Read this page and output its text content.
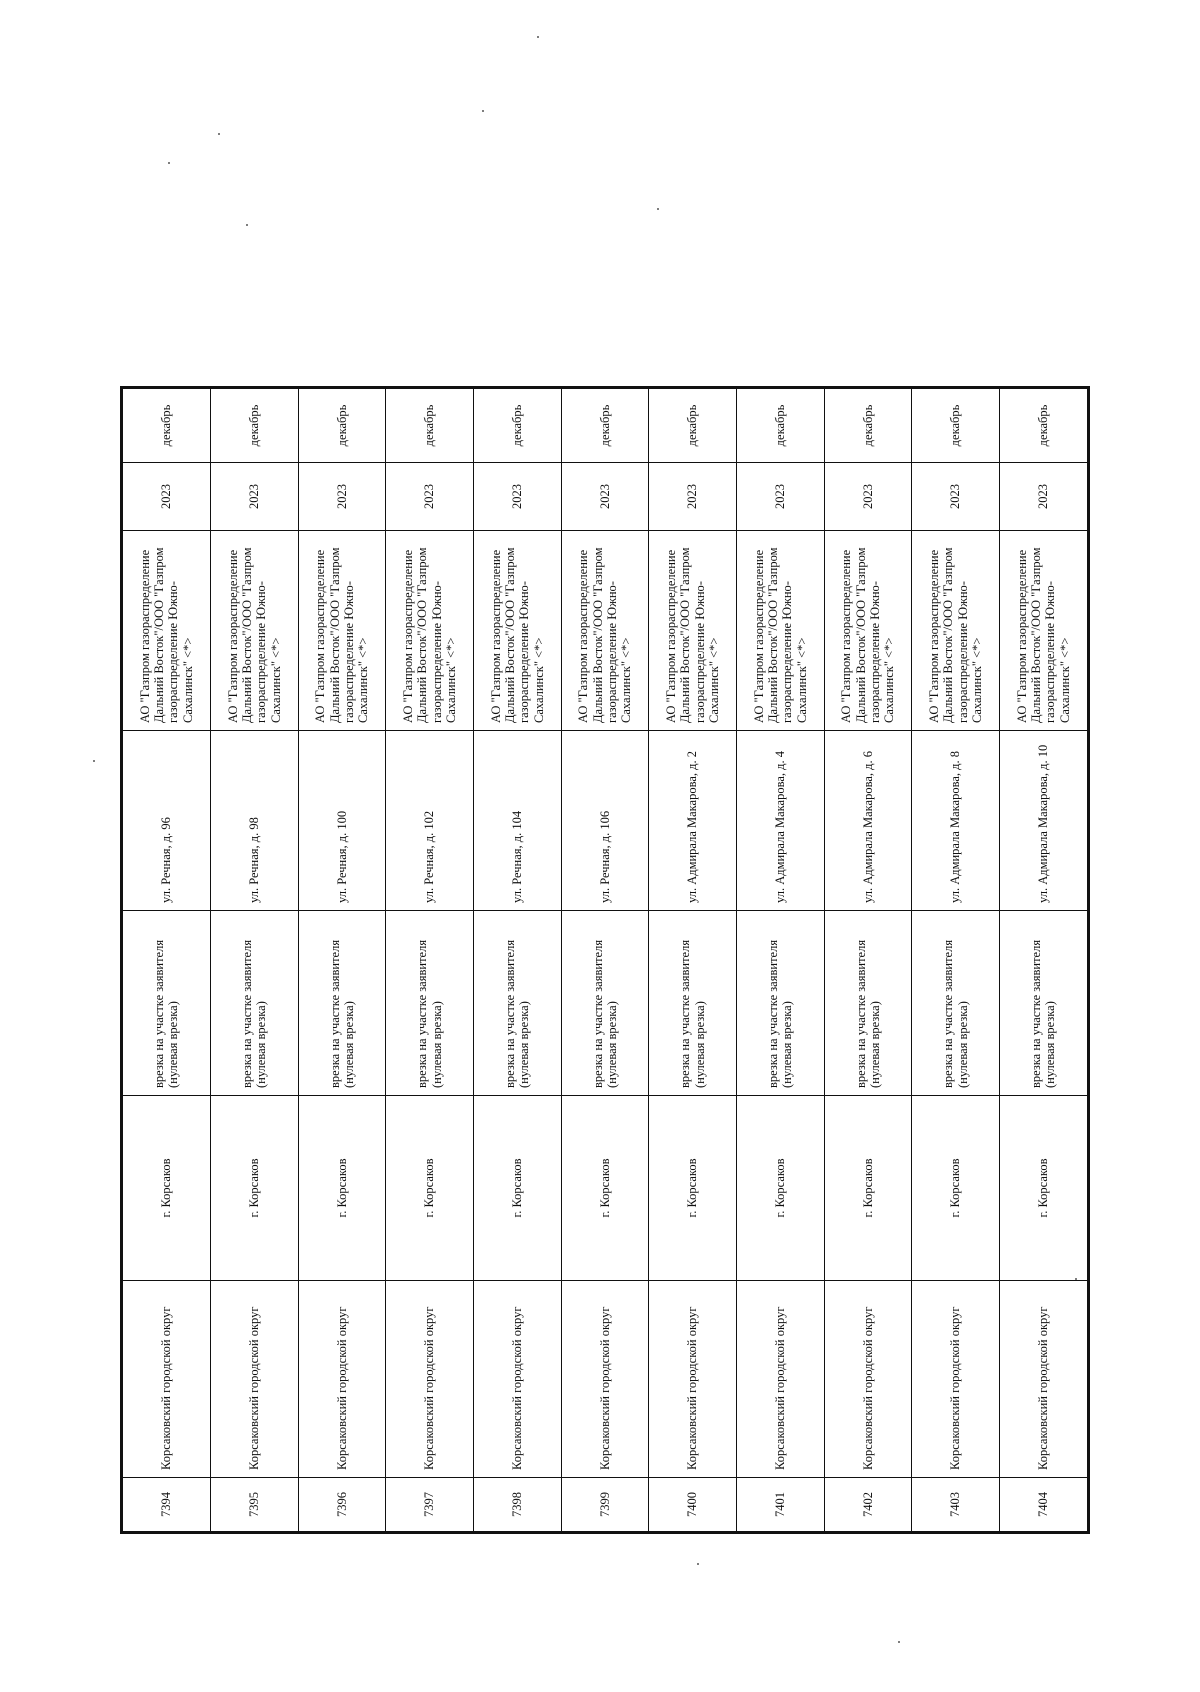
7394	Корсаковский городской округ	г. Корсаков	врезка на участке заявителя (нулевая врезка)	ул. Речная, д. 96	АО "Газпром газораспределение Дальний Восток"/ООО "Газпром газораспределение Южно-Сахалинск" <*>	2023	декабрь
7395	Корсаковский городской округ	г. Корсаков	врезка на участке заявителя (нулевая врезка)	ул. Речная, д. 98	АО "Газпром газораспределение Дальний Восток"/ООО "Газпром газораспределение Южно-Сахалинск" <*>	2023	декабрь
7396	Корсаковский городской округ	г. Корсаков	врезка на участке заявителя (нулевая врезка)	ул. Речная, д. 100	АО "Газпром газораспределение Дальний Восток"/ООО "Газпром газораспределение Южно-Сахалинск" <*>	2023	декабрь
7397	Корсаковский городской округ	г. Корсаков	врезка на участке заявителя (нулевая врезка)	ул. Речная, д. 102	АО "Газпром газораспределение Дальний Восток"/ООО "Газпром газораспределение Южно-Сахалинск" <*>	2023	декабрь
7398	Корсаковский городской округ	г. Корсаков	врезка на участке заявителя (нулевая врезка)	ул. Речная, д. 104	АО "Газпром газораспределение Дальний Восток"/ООО "Газпром газораспределение Южно-Сахалинск" <*>	2023	декабрь
7399	Корсаковский городской округ	г. Корсаков	врезка на участке заявителя (нулевая врезка)	ул. Речная, д. 106	АО "Газпром газораспределение Дальний Восток"/ООО "Газпром газораспределение Южно-Сахалинск" <*>	2023	декабрь
7400	Корсаковский городской округ	г. Корсаков	врезка на участке заявителя (нулевая врезка)	ул. Адмирала Макарова, д. 2	АО "Газпром газораспределение Дальний Восток"/ООО "Газпром газораспределение Южно-Сахалинск" <*>	2023	декабрь
7401	Корсаковский городской округ	г. Корсаков	врезка на участке заявителя (нулевая врезка)	ул. Адмирала Макарова, д. 4	АО "Газпром газораспределение Дальний Восток"/ООО "Газпром газораспределение Южно-Сахалинск" <*>	2023	декабрь
7402	Корсаковский городской округ	г. Корсаков	врезка на участке заявителя (нулевая врезка)	ул. Адмирала Макарова, д. 6	АО "Газпром газораспределение Дальний Восток"/ООО "Газпром газораспределение Южно-Сахалинск" <*>	2023	декабрь
7403	Корсаковский городской округ	г. Корсаков	врезка на участке заявителя (нулевая врезка)	ул. Адмирала Макарова, д. 8	АО "Газпром газораспределение Дальний Восток"/ООО "Газпром газораспределение Южно-Сахалинск" <*>	2023	декабрь
7404	Корсаковский городской округ	г. Корсаков	врезка на участке заявителя (нулевая врезка)	ул. Адмирала Макарова, д. 10	АО "Газпром газораспределение Дальний Восток"/ООО "Газпром газораспределение Южно-Сахалинск" <*>	2023	декабрь
